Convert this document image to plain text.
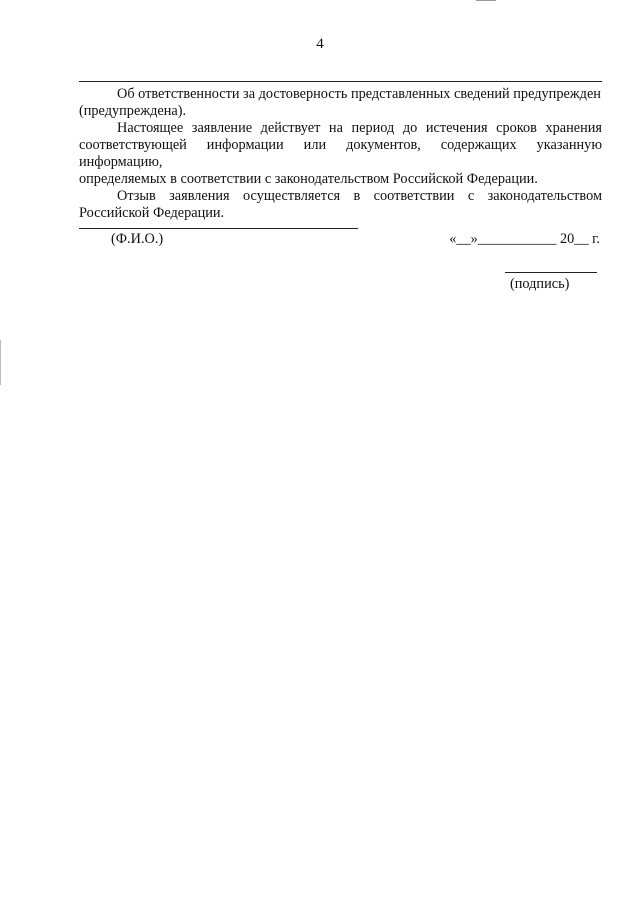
4

Об ответственности за достоверность представленных сведений предупрежден

(предупреждена).

Настоящее заявление действует на период до истечения сроков хранения

соответствующей информации или документов, содержащих указанную

информацию,

определяемых в соответствии с законодательством Российской Федерации.

Отзыв заявления осуществляется в соответствии с законодательством

Российской Федерации.

(Ф.И.О.)	«__»___________ 20__ г.
(подпись)
